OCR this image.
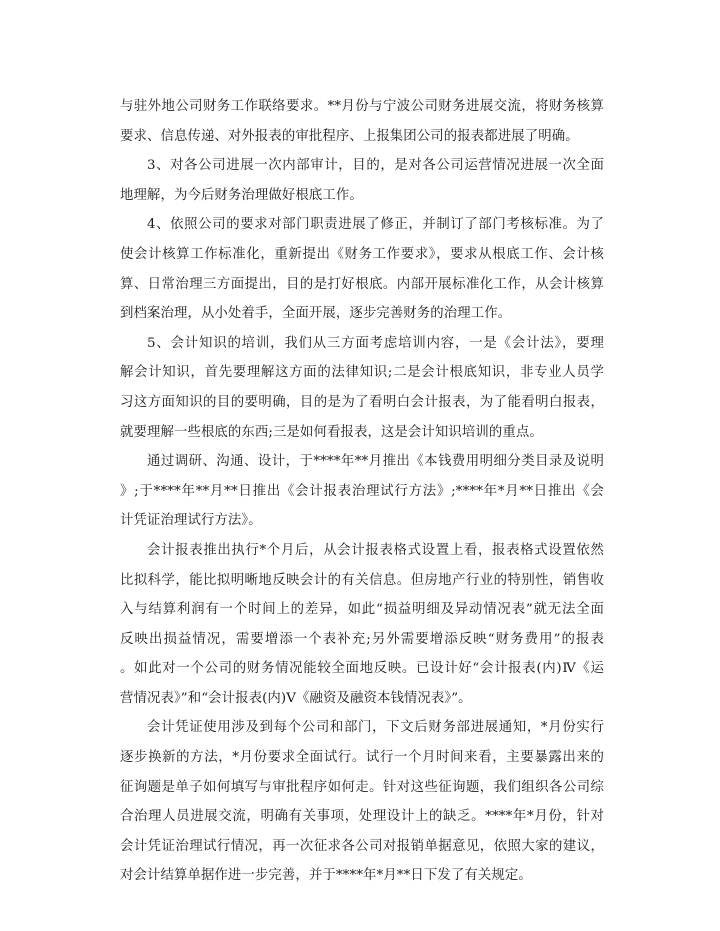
与驻外地公司财务工作联络要求。**月份与宁波公司财务进展交流，将财务核算
要求、信息传递、对外报表的审批程序、上报集团公司的报表都进展了明确。
3、对各公司进展一次内部审计，目的，是对各公司运营情况进展一次全面
地理解，为今后财务治理做好根底工作。
4、依照公司的要求对部门职责进展了修正，并制订了部门考核标准。为了
使会计核算工作标准化，重新提出《财务工作要求》，要求从根底工作、会计核
算、日常治理三方面提出，目的是打好根底。内部开展标准化工作，从会计核算
到档案治理，从小处着手，全面开展，逐步完善财务的治理工作。
5、会计知识的培训，我们从三方面考虑培训内容，一是《会计法》，要理
解会计知识，首先要理解这方面的法律知识;二是会计根底知识，非专业人员学
习这方面知识的目的要明确，目的是为了看明白会计报表，为了能看明白报表，
就要理解一些根底的东西;三是如何看报表，这是会计知识培训的重点。
通过调研、沟通、设计，于****年**月推出《本钱费用明细分类目录及说明
》;于****年**月**日推出《会计报表治理试行方法》;****年*月**日推出《会
计凭证治理试行方法》。
会计报表推出执行*个月后，从会计报表格式设置上看，报表格式设置依然
比拟科学，能比拟明晰地反映会计的有关信息。但房地产行业的特别性，销售收
入与结算利润有一个时间上的差异，如此“损益明细及异动情况表”就无法全面
反映出损益情况，需要增添一个表补充;另外需要增添反映“财务费用”的报表
。如此对一个公司的财务情况能较全面地反映。已设计好“会计报表(内)Ⅳ《运
营情况表》”和“会计报表(内)Ⅴ《融资及融资本钱情况表》”。
会计凭证使用涉及到每个公司和部门，下文后财务部进展通知，*月份实行
逐步换新的方法，*月份要求全面试行。试行一个月时间来看，主要暴露出来的
征询题是单子如何填写与审批程序如何走。针对这些征询题，我们组织各公司综
合治理人员进展交流，明确有关事项，处理设计上的缺乏。****年*月份，针对
会计凭证治理试行情况，再一次征求各公司对报销单据意见，依照大家的建议，
对会计结算单据作进一步完善，并于****年*月**日下发了有关规定。
